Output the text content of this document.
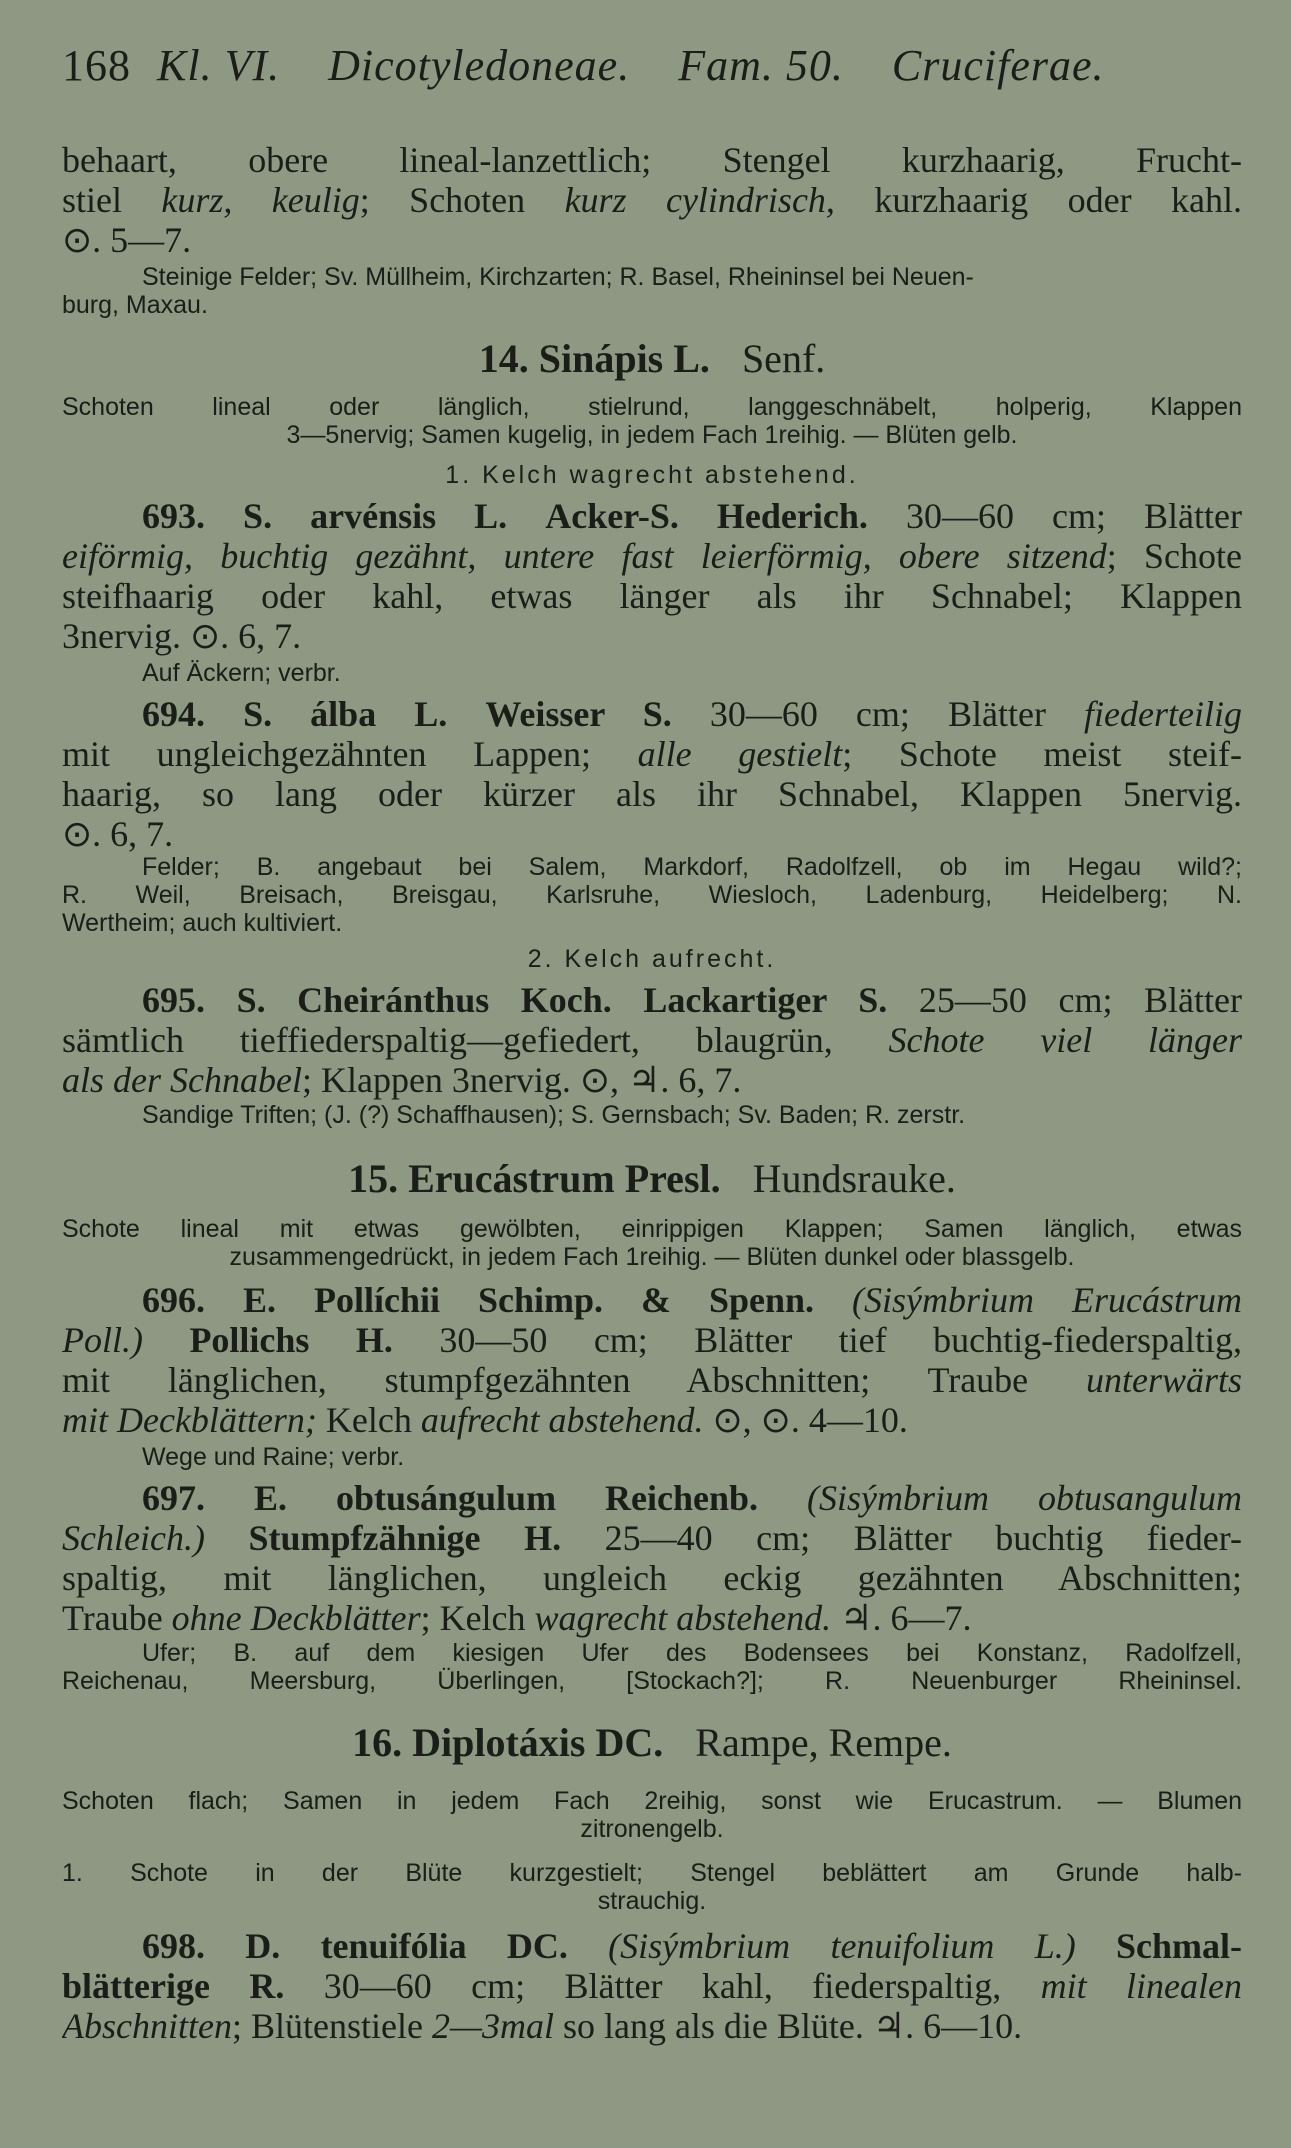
168 Kl. VI. Dicotyledoneae. Fam. 50. Cruciferae.
behaart, obere lineal-lanzettlich; Stengel kurzhaarig, Frucht-
stiel kurz, keulig; Schoten kurz cylindrisch, kurzhaarig oder kahl.
⊙. 5—7.
Steinige Felder; Sv. Müllheim, Kirchzarten; R. Basel, Rheininsel bei Neuen-
burg, Maxau.
14. Sinápis L. Senf.
Schoten lineal oder länglich, stielrund, langgeschnäbelt, holperig, Klappen
3—5nervig; Samen kugelig, in jedem Fach 1reihig. — Blüten gelb.
1. Kelch wagrecht abstehend.
693. S. arvénsis L. Acker-S. Hederich. 30—60 cm; Blätter
eiförmig, buchtig gezähnt, untere fast leierförmig, obere sitzend; Schote
steifhaarig oder kahl, etwas länger als ihr Schnabel; Klappen
3nervig. ⊙. 6, 7.
Auf Äckern; verbr.
694. S. álba L. Weisser S. 30—60 cm; Blätter fiederteilig
mit ungleichgezähnten Lappen; alle gestielt; Schote meist steif-
haarig, so lang oder kürzer als ihr Schnabel, Klappen 5nervig.
⊙. 6, 7.
Felder; B. angebaut bei Salem, Markdorf, Radolfzell, ob im Hegau wild?;
R. Weil, Breisach, Breisgau, Karlsruhe, Wiesloch, Ladenburg, Heidelberg; N.
Wertheim; auch kultiviert.
2. Kelch aufrecht.
695. S. Cheiránthus Koch. Lackartiger S. 25—50 cm; Blätter
sämtlich tieffiederspaltig—gefiedert, blaugrün, Schote viel länger
als der Schnabel; Klappen 3nervig. ⊙, ♃. 6, 7.
Sandige Triften; (J. (?) Schaffhausen); S. Gernsbach; Sv. Baden; R. zerstr.
15. Erucástrum Presl. Hundsrauke.
Schote lineal mit etwas gewölbten, einrippigen Klappen; Samen länglich, etwas
zusammengedrückt, in jedem Fach 1reihig. — Blüten dunkel oder blassgelb.
696. E. Pollíchii Schimp. & Spenn. (Sisýmbrium Erucástrum
Poll.) Pollichs H. 30—50 cm; Blätter tief buchtig-fiederspaltig,
mit länglichen, stumpfgezähnten Abschnitten; Traube unterwärts
mit Deckblättern; Kelch aufrecht abstehend. ⊙, ⊙. 4—10.
Wege und Raine; verbr.
697. E. obtusángulum Reichenb. (Sisýmbrium obtusangulum
Schleich.) Stumpfzähnige H. 25—40 cm; Blätter buchtig fieder-
spaltig, mit länglichen, ungleich eckig gezähnten Abschnitten;
Traube ohne Deckblätter; Kelch wagrecht abstehend. ♃. 6—7.
Ufer; B. auf dem kiesigen Ufer des Bodensees bei Konstanz, Radolfzell,
Reichenau, Meersburg, Überlingen, [Stockach?]; R. Neuenburger Rheininsel.
16. Diplotáxis DC. Rampe, Rempe.
Schoten flach; Samen in jedem Fach 2reihig, sonst wie Erucastrum. — Blumen
zitronengelb.
1. Schote in der Blüte kurzgestielt; Stengel beblättert am Grunde halb-
strauchig.
698. D. tenuifólia DC. (Sisýmbrium tenuifolium L.) Schmal-
blätterige R. 30—60 cm; Blätter kahl, fiederspaltig, mit linealen
Abschnitten; Blütenstiele 2—3mal so lang als die Blüte. ♃. 6—10.
